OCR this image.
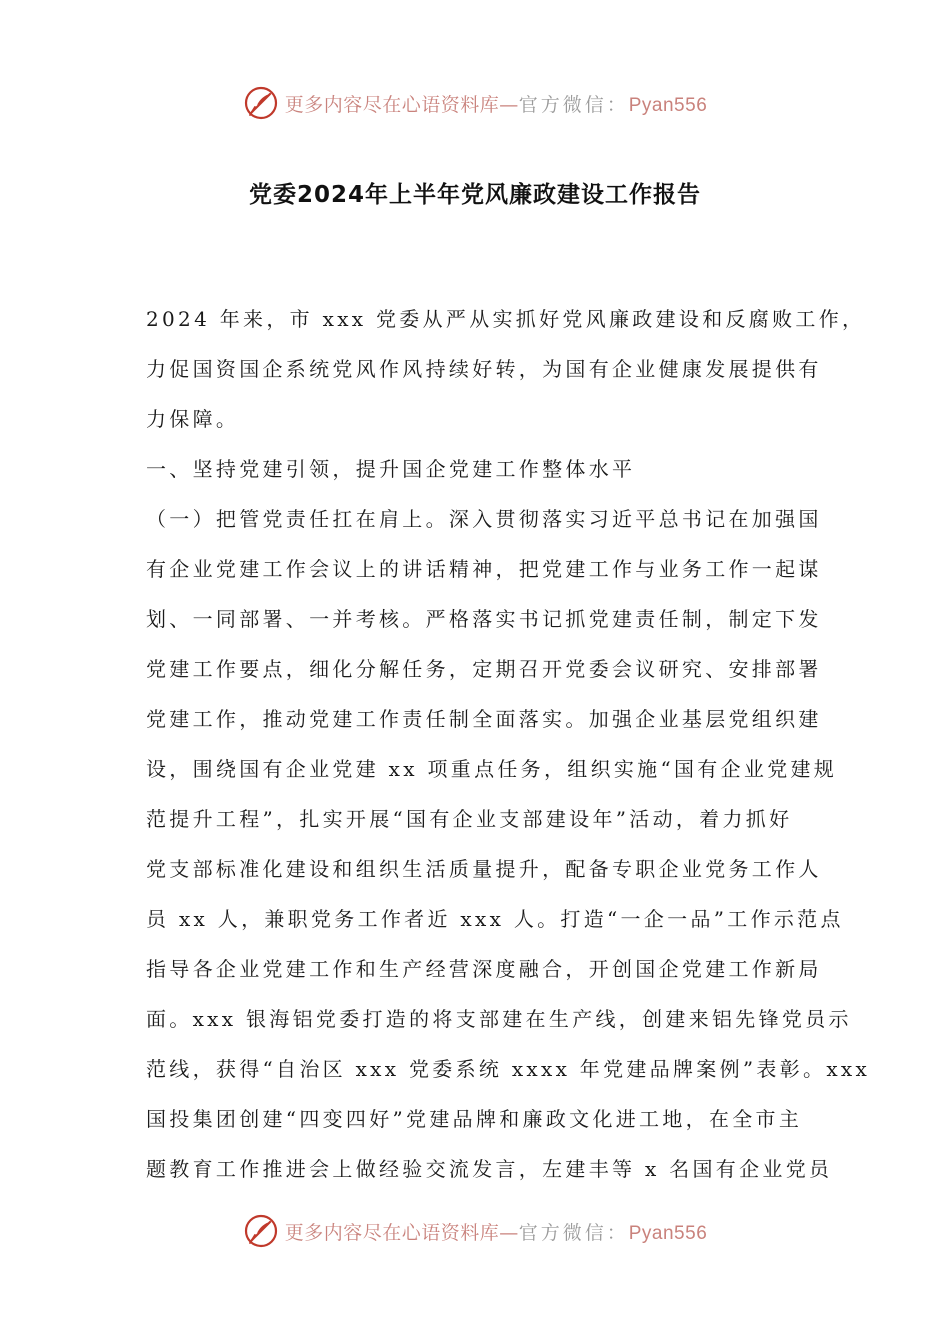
更多内容尽在心语资料库—官方微信：Pyan556
党委2024年上半年党风廉政建设工作报告
2024 年来，市 xxx 党委从严从实抓好党风廉政建设和反腐败工作，
力促国资国企系统党风作风持续好转，为国有企业健康发展提供有
力保障。
一、坚持党建引领，提升国企党建工作整体水平
（一）把管党责任扛在肩上。深入贯彻落实习近平总书记在加强国
有企业党建工作会议上的讲话精神，把党建工作与业务工作一起谋
划、一同部署、一并考核。严格落实书记抓党建责任制，制定下发
党建工作要点，细化分解任务，定期召开党委会议研究、安排部署
党建工作，推动党建工作责任制全面落实。加强企业基层党组织建
设，围绕国有企业党建 xx 项重点任务，组织实施“国有企业党建规
范提升工程”，扎实开展“国有企业支部建设年”活动，着力抓好
党支部标准化建设和组织生活质量提升，配备专职企业党务工作人
员 xx 人，兼职党务工作者近 xxx 人。打造“一企一品”工作示范点
指导各企业党建工作和生产经营深度融合，开创国企党建工作新局
面。xxx 银海铝党委打造的将支部建在生产线，创建来铝先锋党员示
范线，获得“自治区 xxx 党委系统 xxxx 年党建品牌案例”表彰。xxx
国投集团创建“四变四好”党建品牌和廉政文化进工地，在全市主
题教育工作推进会上做经验交流发言，左建丰等 x 名国有企业党员
更多内容尽在心语资料库—官方微信：Pyan556
